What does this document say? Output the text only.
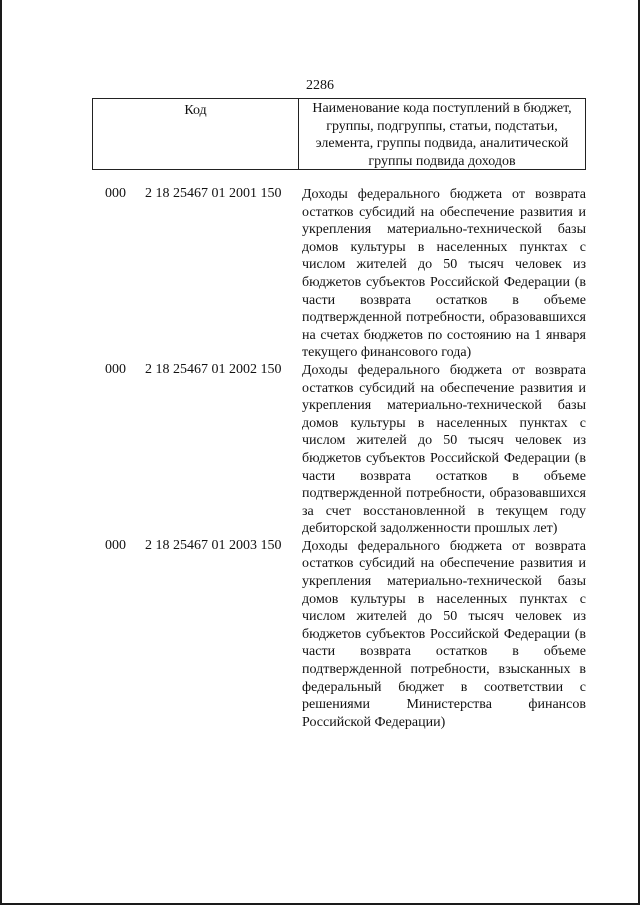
2286
Код	Наименование кода поступлений в бюджет, группы, подгруппы, статьи, подстатьи, элемента, группы подвида, аналитической группы подвида доходов
000 2 18 25467 01 2001 150 Доходы федерального бюджета от возврата остатков субсидий на обеспечение развития и укрепления материально-технической базы домов культуры в населенных пунктах с числом жителей до 50 тысяч человек из бюджетов субъектов Российской Федерации (в части возврата остатков в объеме подтвержденной потребности, образовавшихся на счетах бюджетов по состоянию на 1 января текущего финансового года)
000 2 18 25467 01 2002 150 Доходы федерального бюджета от возврата остатков субсидий на обеспечение развития и укрепления материально-технической базы домов культуры в населенных пунктах с числом жителей до 50 тысяч человек из бюджетов субъектов Российской Федерации (в части возврата остатков в объеме подтвержденной потребности, образовавшихся за счет восстановленной в текущем году дебиторской задолженности прошлых лет)
000 2 18 25467 01 2003 150 Доходы федерального бюджета от возврата остатков субсидий на обеспечение развития и укрепления материально-технической базы домов культуры в населенных пунктах с числом жителей до 50 тысяч человек из бюджетов субъектов Российской Федерации (в части возврата остатков в объеме подтвержденной потребности, взысканных в федеральный бюджет в соответствии с решениями Министерства финансов Российской Федерации)
